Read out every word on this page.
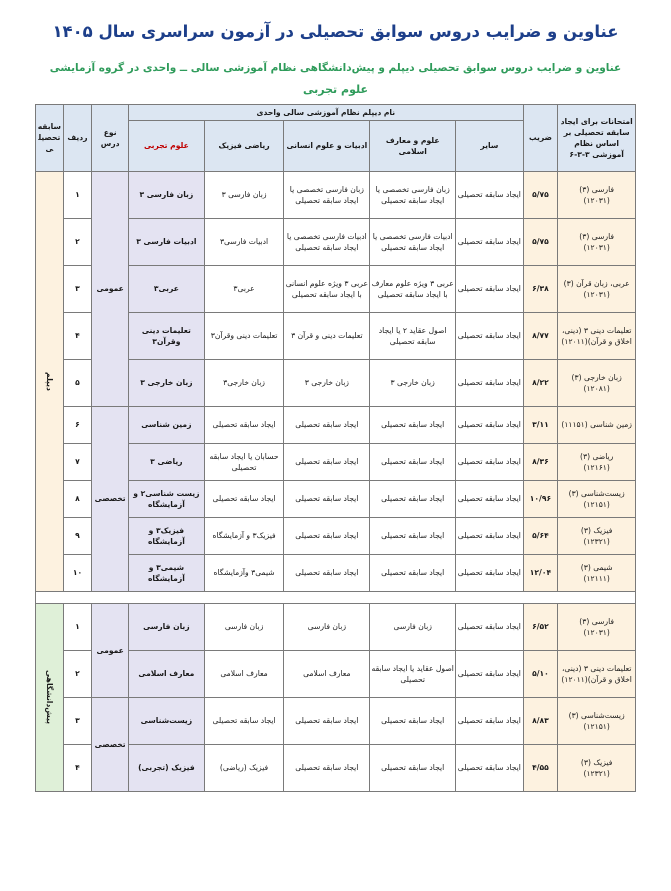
عناوین و ضرایب دروس سوابق تحصیلی در آزمون سراسری سال ۱۴۰۵
عناوین و ضرایب دروس سوابق تحصیلی دیپلم و پیش‌دانشگاهی نظام آموزشی سالی ــ واحدی در گروه آزمایشی
علوم تجربی
امتحانات برای ایجاد سابقه تحصیلی بر اساس نظام آموزشی ۳-۳-۶	ضریب	نام دیپلم نظام آموزشی سالی واحدی					نوع درس	ردیف	سابقه تحصیلی
		سایر	علوم و معارف اسلامی	ادبیات و علوم انسانی	ریاضی فیزیک	علوم تجربی			
فارسی (۳)
(۱۲۰۳۱)	۵/۷۵	ایجاد سابقه تحصیلی	زبان فارسی تخصصی یا ایجاد سابقه تحصیلی	زبان فارسی تخصصی یا ایجاد سابقه تحصیلی	زبان فارسی ۳	زبان فارسی ۳	عمومی	۱	دیپلم
فارسی (۳)
(۱۲۰۳۱)	۵/۷۵	ایجاد سابقه تحصیلی	ادبیات فارسی تخصصی یا ایجاد سابقه تحصیلی	ادبیات فارسی تخصصی یا ایجاد سابقه تحصیلی	ادبیات فارسی۳	ادبیات فارسی ۳		۲	
عربی، زبان قرآن (۳)
(۱۲۰۳۱)	۶/۳۸	ایجاد سابقه تحصیلی	عربی ۳ ویژه علوم معارف با ایجاد سابقه تحصیلی	عربی ۳ ویژه علوم انسانی با ایجاد سابقه تحصیلی	عربی۳	عربی۳		۳	
تعلیمات دینی ۳ (دینی، اخلاق و قرآن)(۱۲۰۱۱)	۸/۷۷	ایجاد سابقه تحصیلی	اصول عقاید ۲ یا ایجاد سابقه تحصیلی	تعلیمات دینی و قرآن ۳	تعلیمات دینی وقرآن۳	تعلیمات دینی وقرآن۳		۴	
زبان خارجی (۳)
(۱۲۰۸۱)	۸/۲۲	ایجاد سابقه تحصیلی	زبان خارجی ۳	زبان خارجی ۳	زبان خارجی۳	زبان خارجی ۳		۵	
زمین شناسی (۱۱۱۵۱)	۳/۱۱	ایجاد سابقه تحصیلی	ایجاد سابقه تحصیلی	ایجاد سابقه تحصیلی	ایجاد سابقه تحصیلی	زمین شناسی	تخصصی	۶	
ریاضی (۳)
(۱۲۱۶۱)	۸/۳۶	ایجاد سابقه تحصیلی	ایجاد سابقه تحصیلی	ایجاد سابقه تحصیلی	حسابان یا ایجاد سابقه تحصیلی	ریاضی ۳		۷	
زیست‌شناسی (۳)
(۱۲۱۵۱)	۱۰/۹۶	ایجاد سابقه تحصیلی	ایجاد سابقه تحصیلی	ایجاد سابقه تحصیلی	ایجاد سابقه تحصیلی	زیست شناسی۲ و آزمایشگاه		۸	
فیزیک (۳)
(۱۲۳۲۱)	۵/۶۴	ایجاد سابقه تحصیلی	ایجاد سابقه تحصیلی	ایجاد سابقه تحصیلی	فیزیک۳ و آزمایشگاه	فیزیک۳ و آزمایشگاه		۹	
شیمی (۳)
(۱۲۱۱۱)	۱۲/۰۴	ایجاد سابقه تحصیلی	ایجاد سابقه تحصیلی	ایجاد سابقه تحصیلی	شیمی۳ وآزمایشگاه	شیمی۳ و آزمایشگاه		۱۰	

فارسی (۳)
(۱۲۰۳۱)	۶/۵۲	ایجاد سابقه تحصیلی	زبان فارسی	زبان فارسی	زبان فارسی	زبان فارسی	عمومی	۱	پیش‌دانشگاهی
تعلیمات دینی ۳ (دینی، اخلاق و قرآن)(۱۲۰۱۱)	۵/۱۰	ایجاد سابقه تحصیلی	اصول عقاید یا ایجاد سابقه تحصیلی	معارف اسلامی	معارف اسلامی	معارف اسلامی		۲	
زیست‌شناسی (۳)
(۱۲۱۵۱)	۸/۸۳	ایجاد سابقه تحصیلی	ایجاد سابقه تحصیلی	ایجاد سابقه تحصیلی	ایجاد سابقه تحصیلی	زیست‌شناسی	تخصصی	۳	
فیزیک (۳)
(۱۲۳۲۱)	۴/۵۵	ایجاد سابقه تحصیلی	ایجاد سابقه تحصیلی	ایجاد سابقه تحصیلی	فیزیک (ریاضی)	فیزیک (تجربی)		۴	
